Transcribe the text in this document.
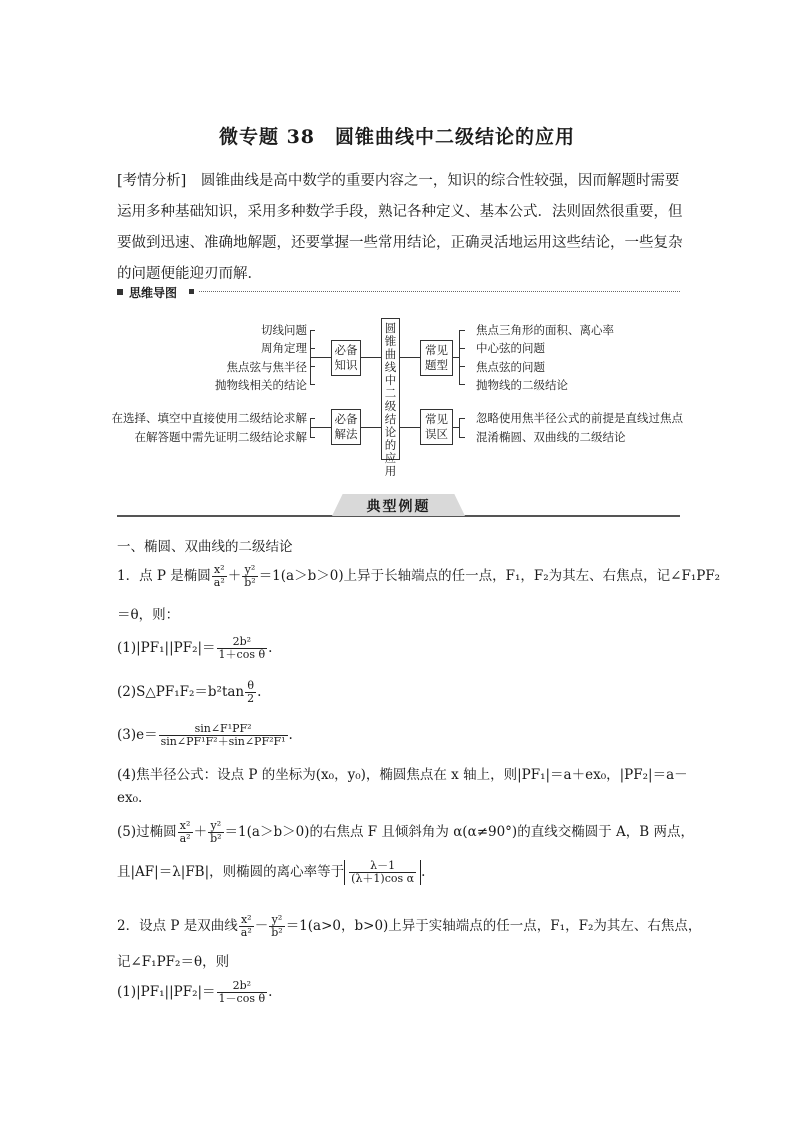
微专题 38　圆锥曲线中二级结论的应用
[考情分析]　圆锥曲线是高中数学的重要内容之一，知识的综合性较强，因而解题时需要运用多种基础知识，采用多种数学手段，熟记各种定义、基本公式．法则固然很重要，但要做到迅速、准确地解题，还要掌握一些常用结论，正确灵活地运用这些结论，一些复杂的问题便能迎刃而解．
思维导图
切线问题
周角定理
焦点弦与焦半径
抛物线相关的结论
必备知识
在选择、填空中直接使用二级结论求解
在解答题中需先证明二级结论求解
必备解法
圆锥曲线中二级结论的应用
常见题型
焦点三角形的面积、离心率
中心弦的问题
焦点弦的问题
抛物线的二级结论
常见误区
忽略使用焦半径公式的前提是直线过焦点
混淆椭圆、双曲线的二级结论
典型例题
一、椭圆、双曲线的二级结论
1．点 P 是椭圆 $\frac{\text{x²}}{\text{a²}} + \frac{\text{y²}}{\text{b²}} =1(a>b>0)$上异于长轴端点的任一点，F₁，F₂为其左、右焦点，记∠F₁PF₂
＝θ，则：
$(1)|PF_1||PF_2|= \frac{\text{2b²}}{\text{1＋cos θ}}$ .
(2)S△PF₁F₂＝b²tan $\frac{\theta}{2}$ .
$(3)e= \frac{\text{sin∠F¹PF²}}{\text{sin∠PF¹F²＋sin∠PF²F¹}}$ .
(4)焦半径公式：设点 P 的坐标为(x₀，y₀)，椭圆焦点在 x 轴上，则|PF₁|＝a＋ex₀，|PF₂|＝a－
ex₀.
(5)过椭圆 $\frac{\text{x²}}{\text{a²}} + \frac{\text{y²}}{\text{b²}} =1(a>b>0)$的右焦点 F 且倾斜角为 α(α≠90°)的直线交椭圆于 A，B 两点，
且|AF|＝λ|FB|，则椭圆的离心率等于 $\frac{\lambda-1}{\text{(λ＋1)cos α}}$ .
2．设点 P 是双曲线 $\frac{\text{x²}}{\text{a²}} - \frac{\text{y²}}{\text{b²}} =1(a>0$，b>0)上异于实轴端点的任一点，F₁，F₂为其左、右焦点，
记∠F₁PF₂＝θ，则
$(1)|PF_1||PF_2|= \frac{\text{2b²}}{\text{1－cos θ}}$ .
